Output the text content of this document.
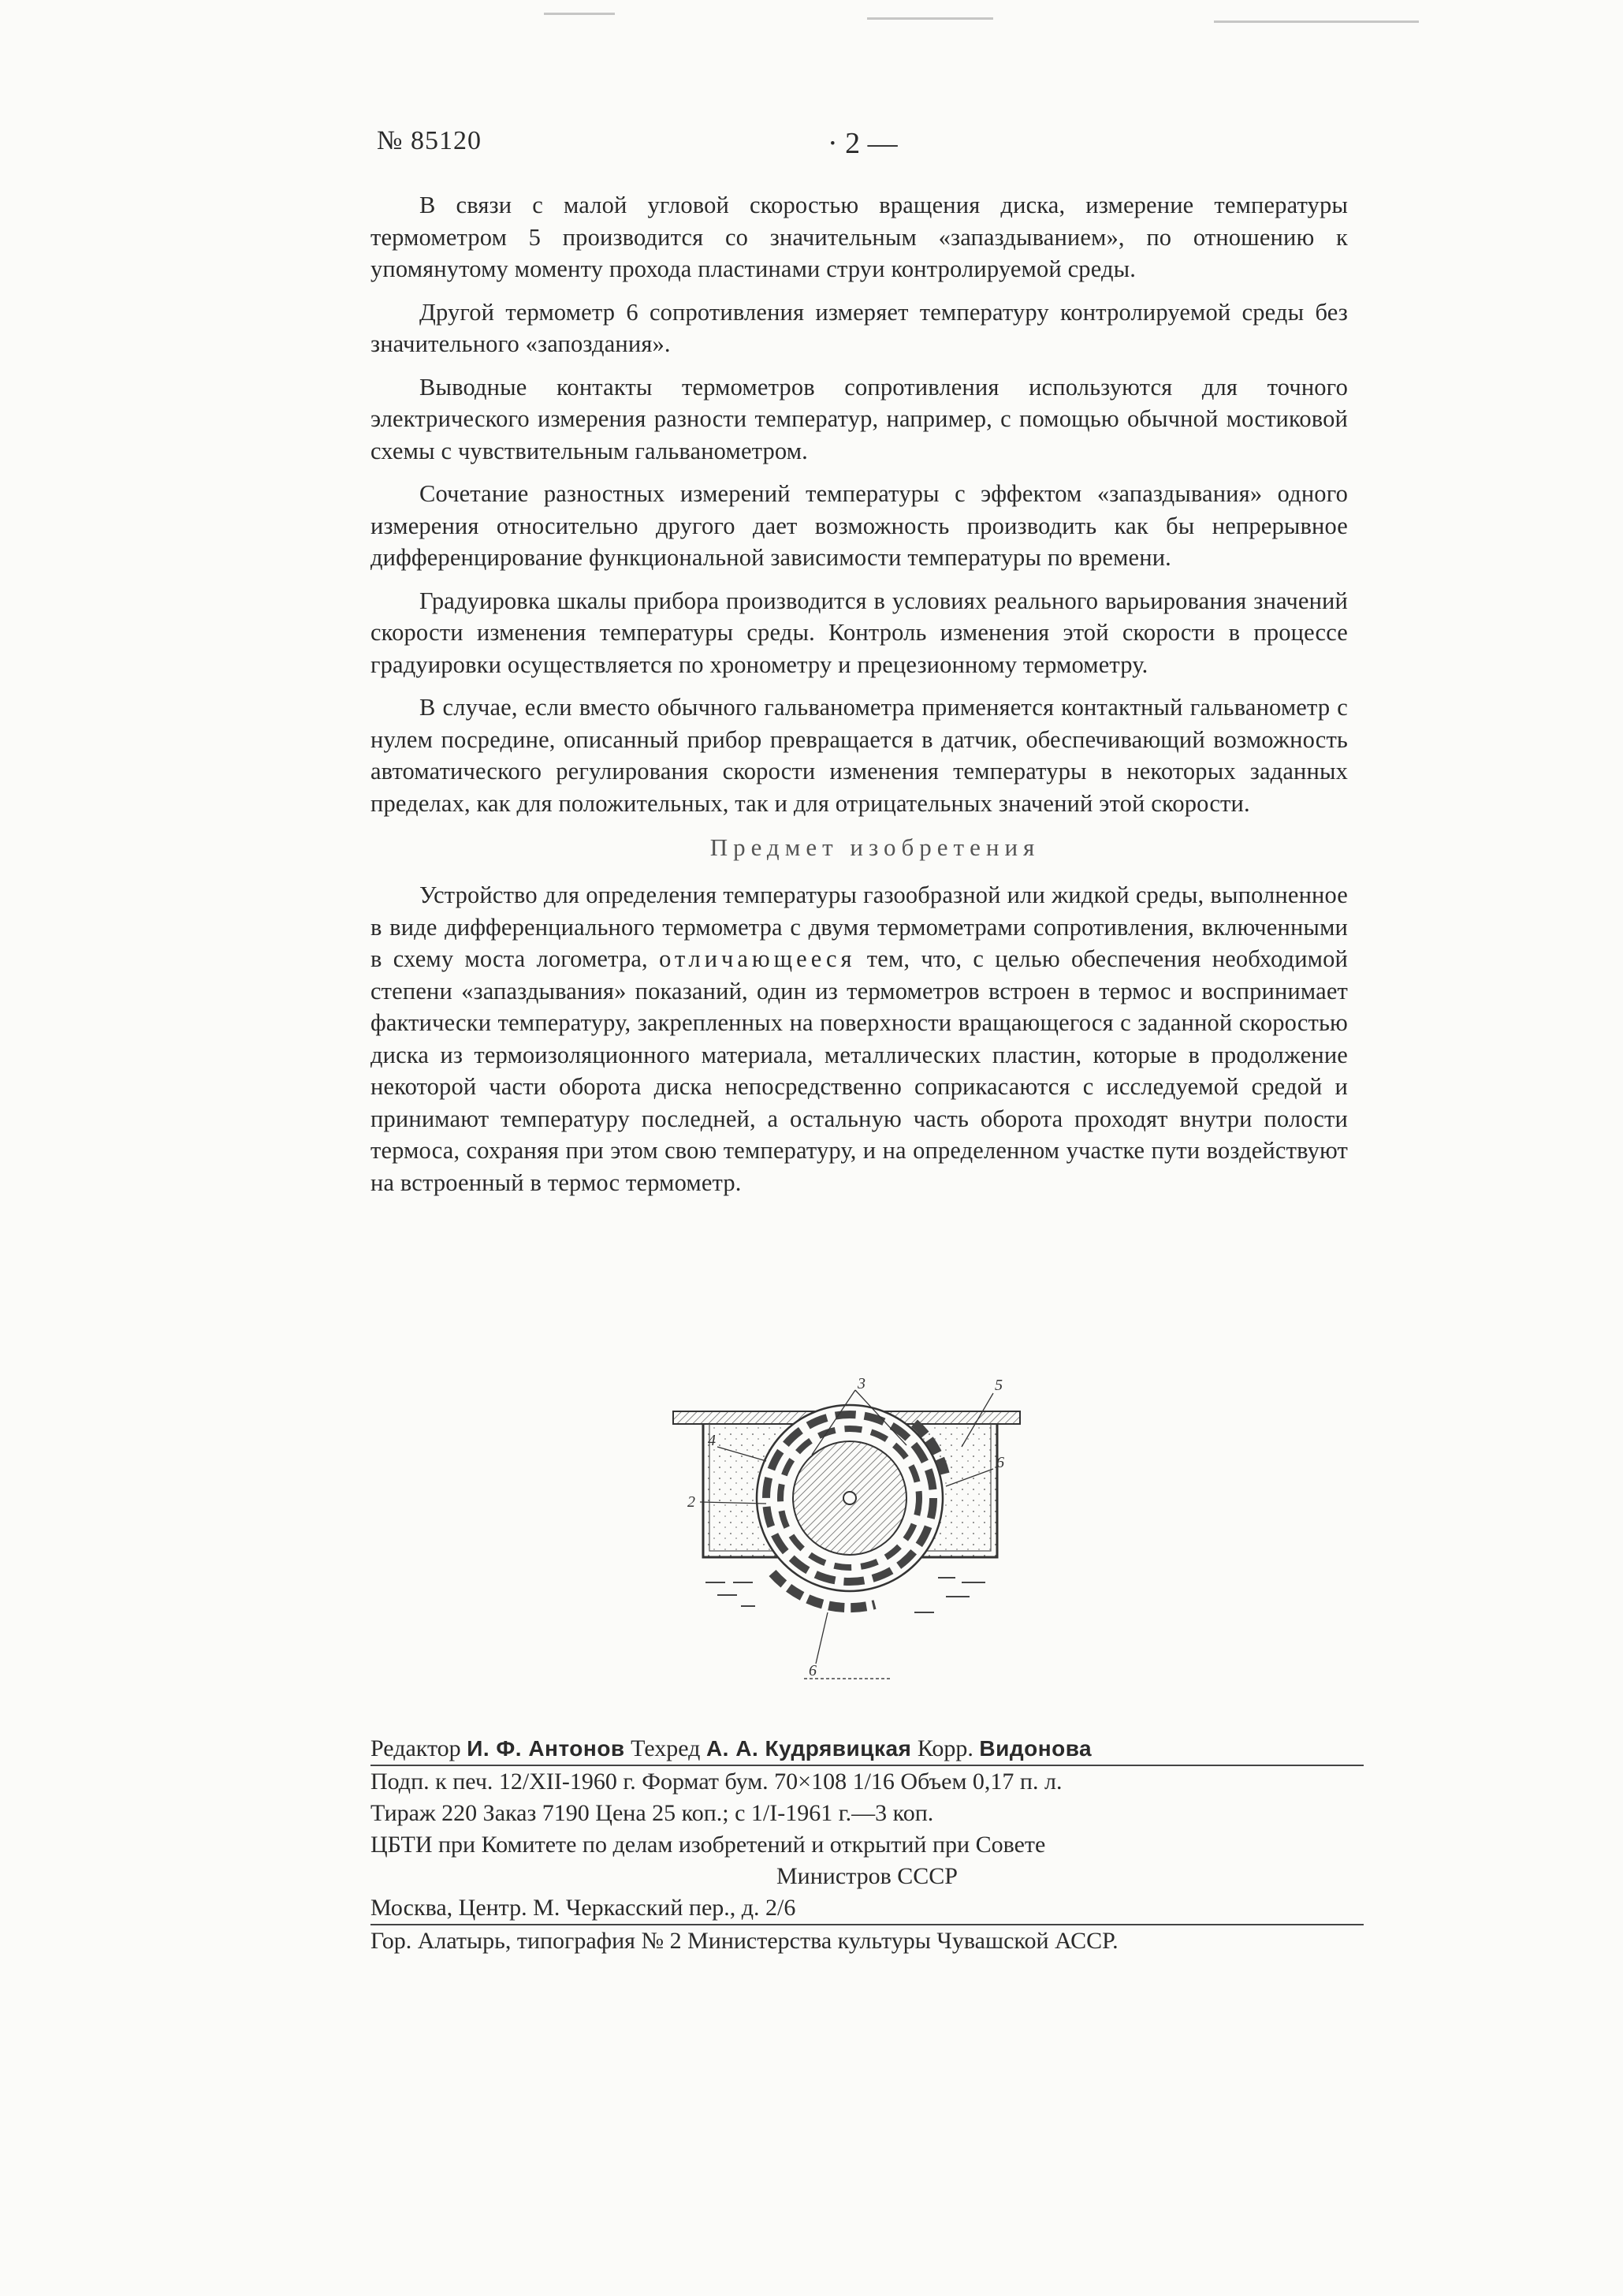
№ 85120	· 2 —

В связи с малой угловой скоростью вращения диска, измерение температуры термометром 5 производится со значительным «запаздыванием», по отношению к упомянутому моменту прохода пластинами струи контролируемой среды.

Другой термометр 6 сопротивления измеряет температуру контролируемой среды без значительного «запоздания».

Выводные контакты термометров сопротивления используются для точного электрического измерения разности температур, например, с помощью обычной мостиковой схемы с чувствительным гальванометром.

Сочетание разностных измерений температуры с эффектом «запаздывания» одного измерения относительно другого дает возможность производить как бы непрерывное дифференцирование функциональной зависимости температуры по времени.

Градуировка шкалы прибора производится в условиях реального варьирования значений скорости изменения температуры среды. Контроль изменения этой скорости в процессе градуировки осуществляется по хронометру и прецезионному термометру.

В случае, если вместо обычного гальванометра применяется контактный гальванометр с нулем посредине, описанный прибор превращается в датчик, обеспечивающий возможность автоматического регулирования скорости изменения температуры в некоторых заданных пределах, как для положительных, так и для отрицательных значений этой скорости.

Предмет изобретения

Устройство для определения температуры газообразной или жидкой среды, выполненное в виде дифференциального термометра с двумя термометрами сопротивления, включенными в схему моста логометра, отличающееся тем, что, с целью обеспечения необходимой степени «запаздывания» показаний, один из термометров встроен в термос и воспринимает фактически температуру, закрепленных на поверхности вращающегося с заданной скоростью диска из термоизоляционного материала, металлических пластин, которые в продолжение некоторой части оборота диска непосредственно соприкасаются с исследуемой средой и принимают температуру последней, а остальную часть оборота проходят внутри полости термоса, сохраняя при этом свою температуру, и на определенном участке пути воздействуют на встроенный в термос термометр.

3	5
4
2
6
6
Редактор И. Ф. Антонов Техред А. А. Кудрявицкая Корр. Видонова
Подп. к печ. 12/XII-1960 г. Формат бум. 70×108 1/16 Объем 0,17 п. л.
Тираж 220 Заказ 7190 Цена 25 коп.; с 1/I-1961 г.—3 коп.
ЦБТИ при Комитете по делам изобретений и открытий при Совете
Министров СССР
Москва, Центр. М. Черкасский пер., д. 2/6
Гор. Алатырь, типография № 2 Министерства культуры Чувашской АССР.
